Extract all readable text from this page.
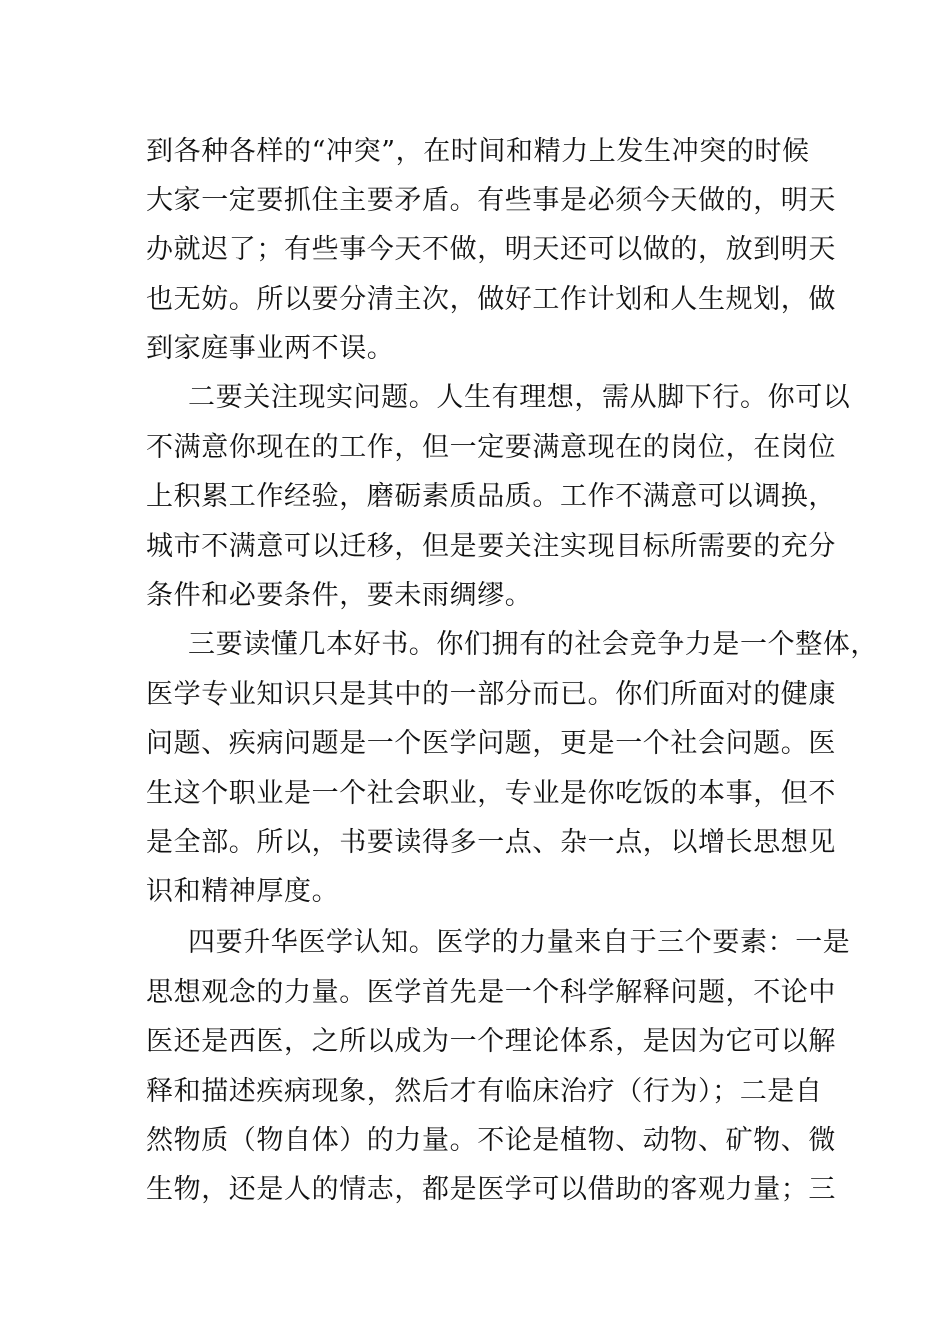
到各种各样的“冲突”，在时间和精力上发生冲突的时候
大家一定要抓住主要矛盾。有些事是必须今天做的，明天
办就迟了；有些事今天不做，明天还可以做的，放到明天
也无妨。所以要分清主次，做好工作计划和人生规划，做
到家庭事业两不误。
二要关注现实问题。人生有理想，需从脚下行。你可以
不满意你现在的工作，但一定要满意现在的岗位，在岗位
上积累工作经验，磨砺素质品质。工作不满意可以调换，
城市不满意可以迁移，但是要关注实现目标所需要的充分
条件和必要条件，要未雨绸缪。
三要读懂几本好书。你们拥有的社会竞争力是一个整体，
医学专业知识只是其中的一部分而已。你们所面对的健康
问题、疾病问题是一个医学问题，更是一个社会问题。医
生这个职业是一个社会职业，专业是你吃饭的本事，但不
是全部。所以，书要读得多一点、杂一点，以增长思想见
识和精神厚度。
四要升华医学认知。医学的力量来自于三个要素：一是
思想观念的力量。医学首先是一个科学解释问题，不论中
医还是西医，之所以成为一个理论体系，是因为它可以解
释和描述疾病现象，然后才有临床治疗（行为）；二是自
然物质（物自体）的力量。不论是植物、动物、矿物、微
生物，还是人的情志，都是医学可以借助的客观力量；三
